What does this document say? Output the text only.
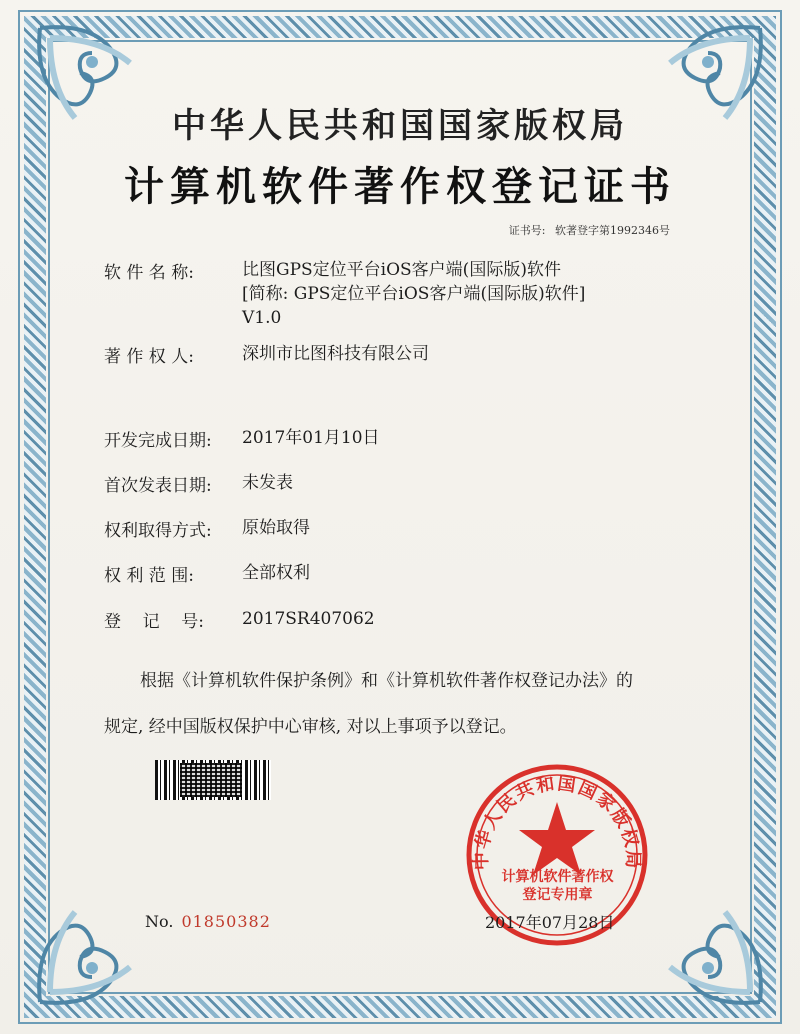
中华人民共和国国家版权局
计算机软件著作权登记证书
证书号: 软著登字第1992346号
软 件 名 称:	比图GPS定位平台iOS客户端(国际版)软件
[简称: GPS定位平台iOS客户端(国际版)软件]
V1.0
著 作 权 人:	深圳市比图科技有限公司
开发完成日期: 2017年01月10日
首次发表日期: 未发表
权利取得方式: 原始取得
权 利 范 围:	全部权利
登    记    号: 2017SR407062
根据《计算机软件保护条例》和《计算机软件著作权登记办法》的
规定, 经中国版权保护中心审核, 对以上事项予以登记。
中华人民共和国国家版权局
计算机软件著作权
登记专用章
No. 01850382	2017年07月28日
